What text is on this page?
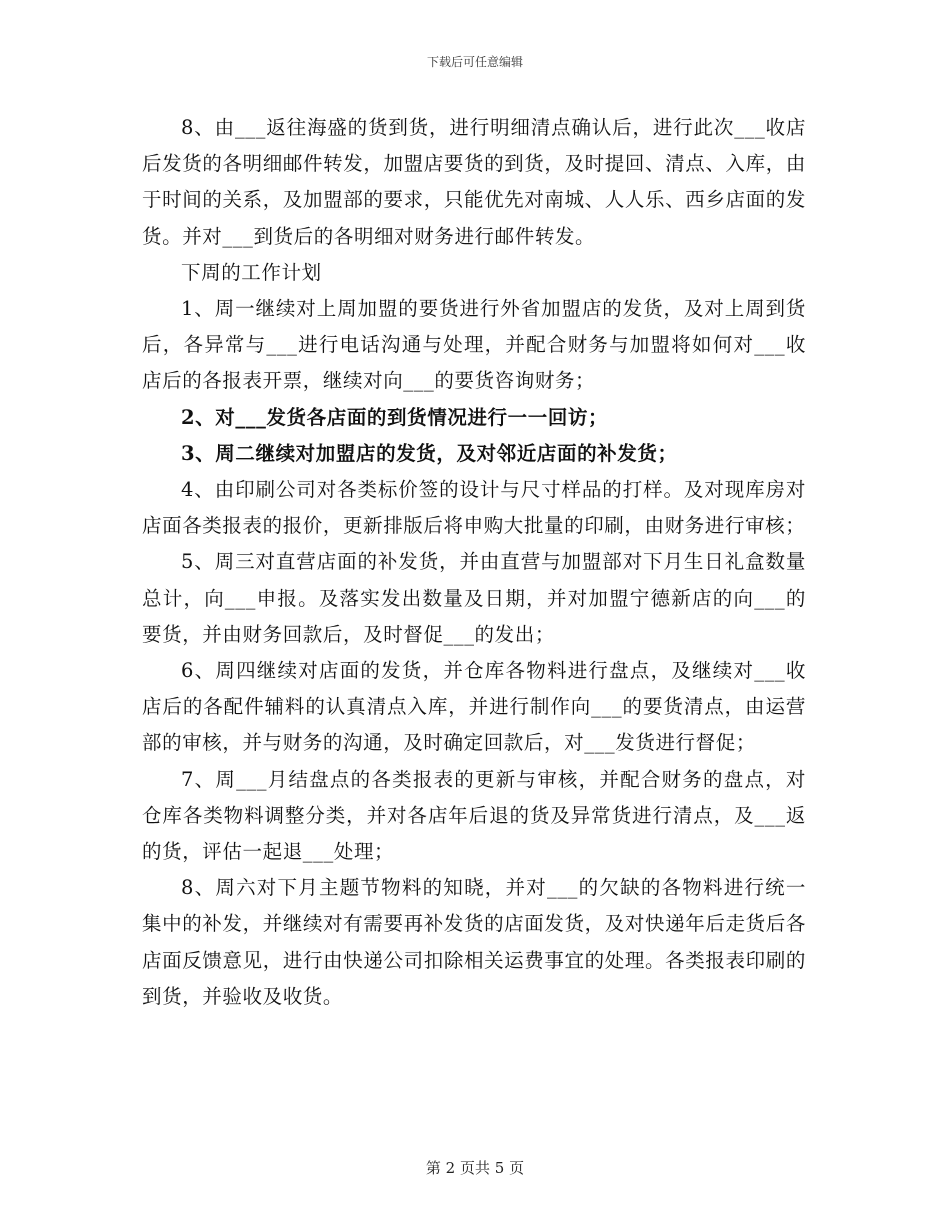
下载后可任意编辑

8、由___返往海盛的货到货，进行明细清点确认后，进行此次___收店后发货的各明细邮件转发，加盟店要货的到货，及时提回、清点、入库，由于时间的关系，及加盟部的要求，只能优先对南城、人人乐、西乡店面的发货。并对___到货后的各明细对财务进行邮件转发。

下周的工作计划

1、周一继续对上周加盟的要货进行外省加盟店的发货，及对上周到货后，各异常与___进行电话沟通与处理，并配合财务与加盟将如何对___收店后的各报表开票，继续对向___的要货咨询财务；

2、对___发货各店面的到货情况进行一一回访；

3、周二继续对加盟店的发货，及对邻近店面的补发货；

4、由印刷公司对各类标价签的设计与尺寸样品的打样。及对现库房对店面各类报表的报价，更新排版后将申购大批量的印刷，由财务进行审核；

5、周三对直营店面的补发货，并由直营与加盟部对下月生日礼盒数量总计，向___申报。及落实发出数量及日期，并对加盟宁德新店的向___的要货，并由财务回款后，及时督促___的发出；

6、周四继续对店面的发货，并仓库各物料进行盘点，及继续对___收店后的各配件辅料的认真清点入库，并进行制作向___的要货清点，由运营部的审核，并与财务的沟通，及时确定回款后，对___发货进行督促；

7、周___月结盘点的各类报表的更新与审核，并配合财务的盘点，对仓库各类物料调整分类，并对各店年后退的货及异常货进行清点，及___返的货，评估一起退___处理；

8、周六对下月主题节物料的知晓，并对___的欠缺的各物料进行统一集中的补发，并继续对有需要再补发货的店面发货，及对快递年后走货后各店面反馈意见，进行由快递公司扣除相关运费事宜的处理。各类报表印刷的到货，并验收及收货。

第 2 页共 5 页
